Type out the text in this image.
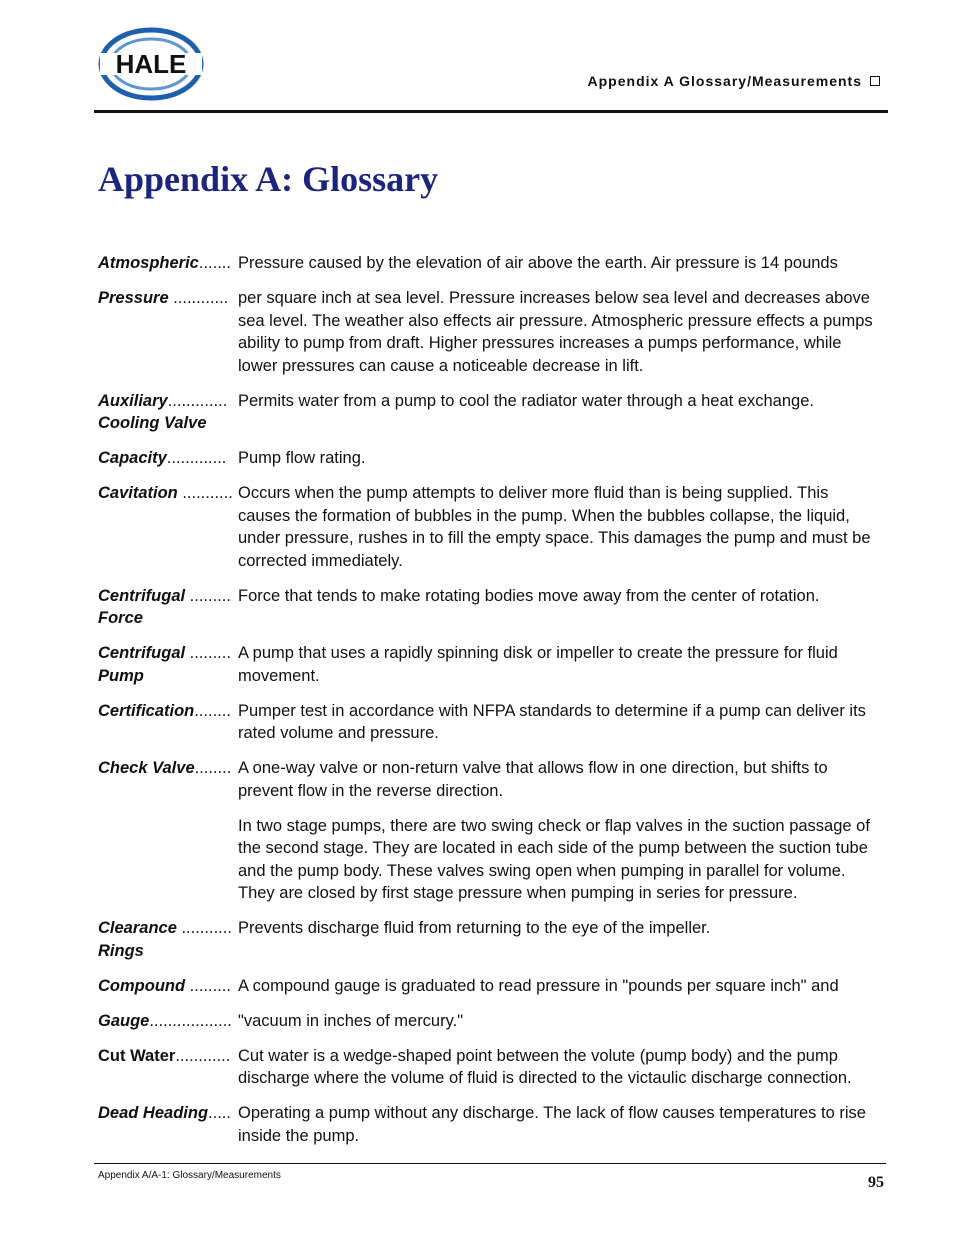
HALE
Appendix A Glossary/Measurements
Appendix A: Glossary
Atmospheric....... Pressure caused by the elevation of air above the earth. Air pressure is 14 pounds

Pressure ............ per square inch at sea level. Pressure increases below sea level and decreases above sea level. The weather also effects air pressure. Atmospheric pressure effects a pumps ability to pump from draft. Higher pressures increases a pumps performance, while lower pressures can cause a noticeable decrease in lift.

Auxiliary.............
Cooling Valve

Permits water from a pump to cool the radiator water through a heat exchange.

Capacity............. Pump flow rating.

Cavitation ........... Occurs when the pump attempts to deliver more fluid than is being supplied. This causes the formation of bubbles in the pump. When the bubbles collapse, the liquid, under pressure, rushes in to fill the empty space. This damages the pump and must be corrected immediately.

Centrifugal .........
Force

Force that tends to make rotating bodies move away from the center of rotation.

Centrifugal .........
Pump

A pump that uses a rapidly spinning disk or impeller to create the pressure for fluid movement.

Certification........ Pumper test in accordance with NFPA standards to determine if a pump can deliver its rated volume and pressure.

Check Valve........ A one-way valve or non-return valve that allows flow in one direction, but shifts to prevent flow in the reverse direction.

In two stage pumps, there are two swing check or flap valves in the suction passage of the second stage. They are located in each side of the pump between the suction tube and the pump body. These valves swing open when pumping in parallel for volume. They are closed by first stage pressure when pumping in series for pressure.

Clearance ...........
Rings

Prevents discharge fluid from returning to the eye of the impeller.

Compound ......... A compound gauge is graduated to read pressure in "pounds per square inch" and

Gauge.................. "vacuum in inches of mercury."

Cut Water............ Cut water is a wedge-shaped point between the volute (pump body) and the pump discharge where the volume of fluid is directed to the victaulic discharge connection.

Dead Heading..... Operating a pump without any discharge. The lack of flow causes temperatures to rise inside the pump.

Appendix A/A-1: Glossary/Measurements	95
